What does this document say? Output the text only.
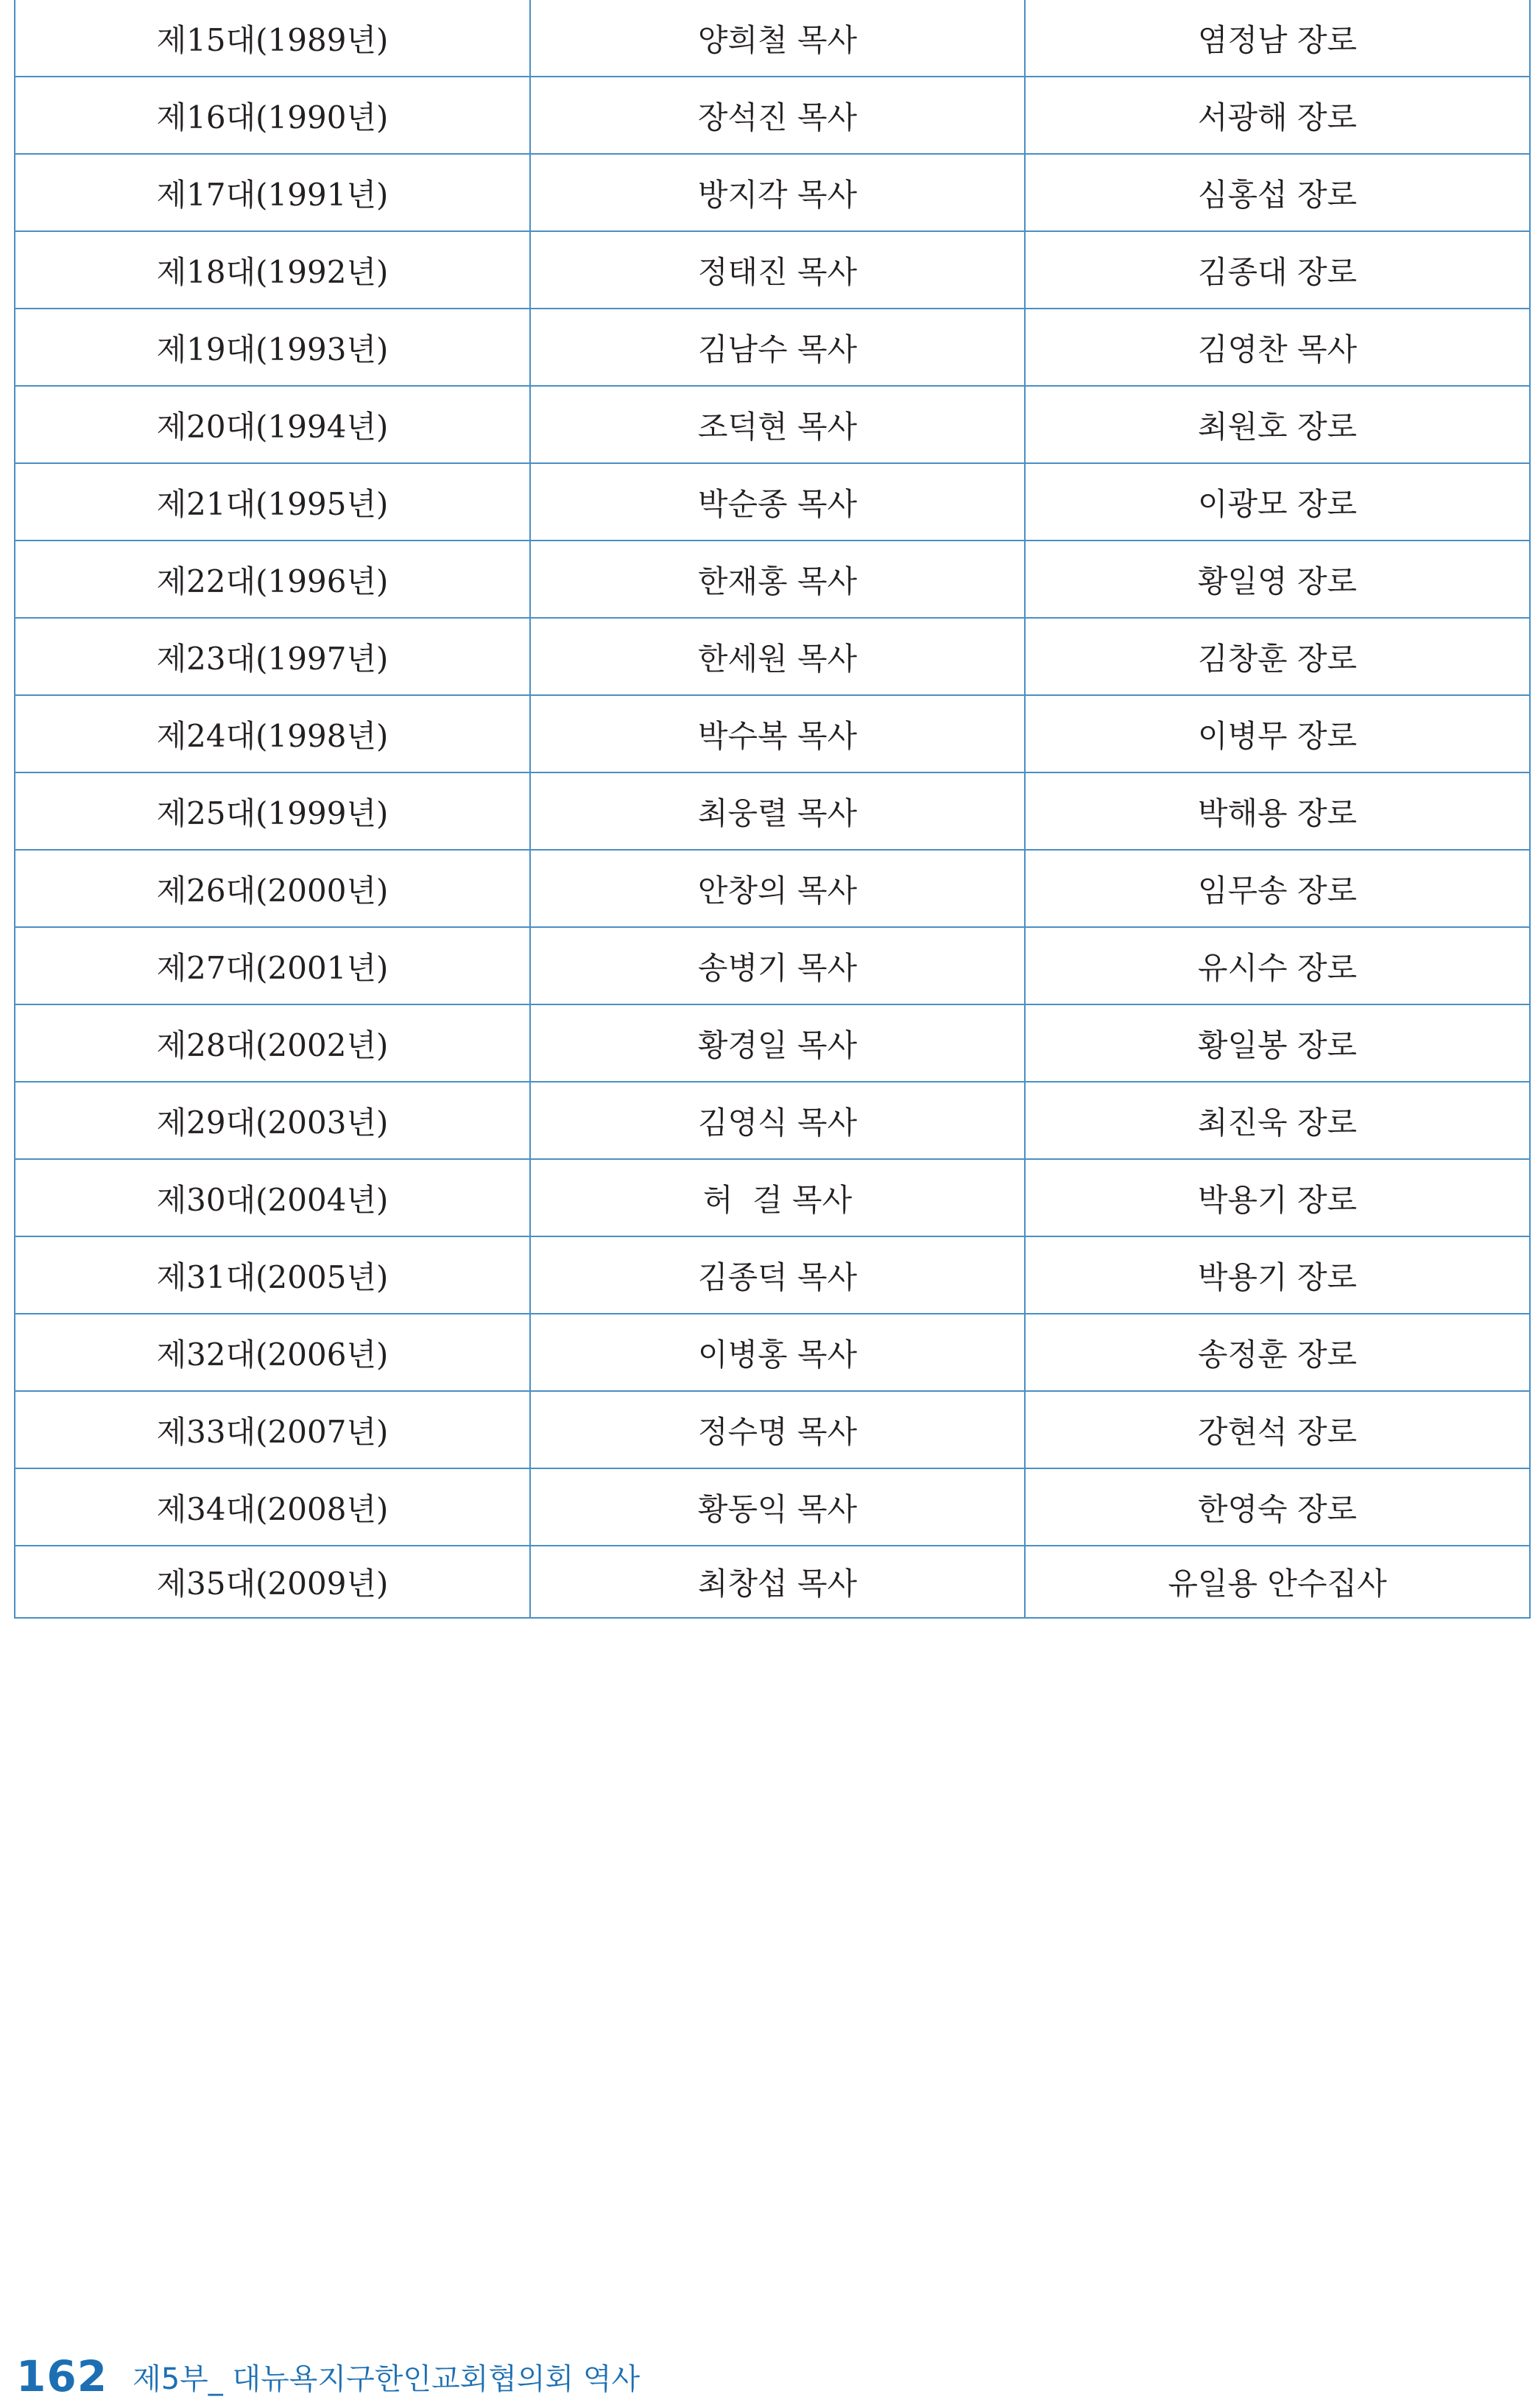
제15대(1989년)	양희철 목사	염정남 장로
제16대(1990년)	장석진 목사	서광해 장로
제17대(1991년)	방지각 목사	심홍섭 장로
제18대(1992년)	정태진 목사	김종대 장로
제19대(1993년)	김남수 목사	김영찬 목사
제20대(1994년)	조덕현 목사	최원호 장로
제21대(1995년)	박순종 목사	이광모 장로
제22대(1996년)	한재홍 목사	황일영 장로
제23대(1997년)	한세원 목사	김창훈 장로
제24대(1998년)	박수복 목사	이병무 장로
제25대(1999년)	최웅렬 목사	박해용 장로
제26대(2000년)	안창의 목사	임무송 장로
제27대(2001년)	송병기 목사	유시수 장로
제28대(2002년)	황경일 목사	황일봉 장로
제29대(2003년)	김영식 목사	최진욱 장로
제30대(2004년)	허  걸 목사	박용기 장로
제31대(2005년)	김종덕 목사	박용기 장로
제32대(2006년)	이병홍 목사	송정훈 장로
제33대(2007년)	정수명 목사	강현석 장로
제34대(2008년)	황동익 목사	한영숙 장로
제35대(2009년)	최창섭 목사	유일용 안수집사
162 제5부_ 대뉴욕지구한인교회협의회 역사
